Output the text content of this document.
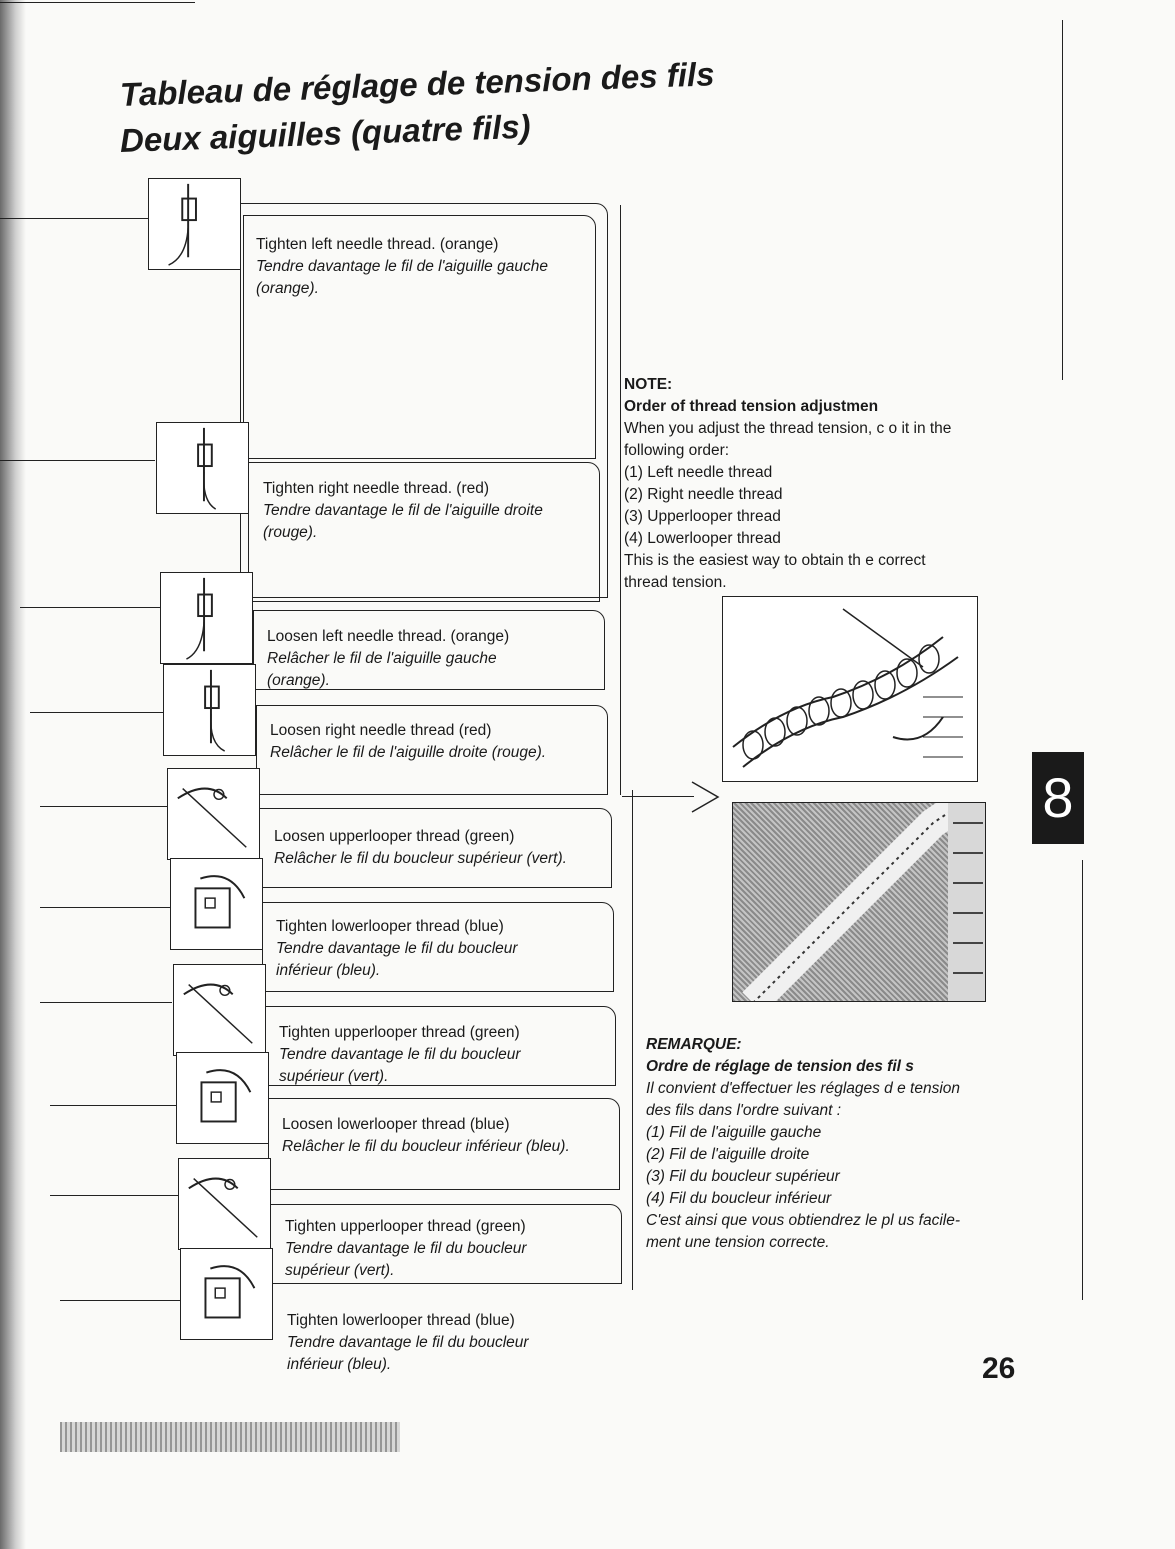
Tableau de réglage de tension des fils
Deux aiguilles (quatre fils)
Tighten left needle thread. (orange)
Tendre davantage le fil de l'aiguille gauche
(orange).
Tighten right needle thread. (red)
Tendre davantage le fil de l'aiguille droite
(rouge).
Loosen left needle thread. (orange)
Relâcher le fil de l'aiguille gauche
(orange).
Loosen right needle thread (red)
Relâcher le fil de l'aiguille droite (rouge).
Loosen upperlooper thread (green)
Relâcher le fil du boucleur supérieur (vert).
Tighten lowerlooper thread (blue)
Tendre davantage le fil du boucleur
inférieur (bleu).
Tighten upperlooper thread (green)
Tendre davantage le fil du boucleur
supérieur (vert).
Loosen lowerlooper thread (blue)
Relâcher le fil du boucleur inférieur (bleu).
Tighten upperlooper thread (green)
Tendre davantage le fil du boucleur
supérieur (vert).
Tighten lowerlooper thread (blue)
Tendre davantage le fil du boucleur
inférieur (bleu).
NOTE:
Order of thread tension adjustmen
When you adjust the thread tension, c o it in the
following order:
(1) Left needle thread
(2) Right needle thread
(3) Upperlooper thread
(4) Lowerlooper thread
This is the easiest way to obtain th e correct
thread tension.
REMARQUE:
Ordre de réglage de tension des fil s
Il convient d'effectuer les réglages d e tension
des fils dans l'ordre suivant :
(1) Fil de l'aiguille gauche
(2) Fil de l'aiguille droite
(3) Fil du boucleur supérieur
(4) Fil du boucleur inférieur
C'est ainsi que vous obtiendrez le pl us facile-
ment une tension correcte.
8
26
